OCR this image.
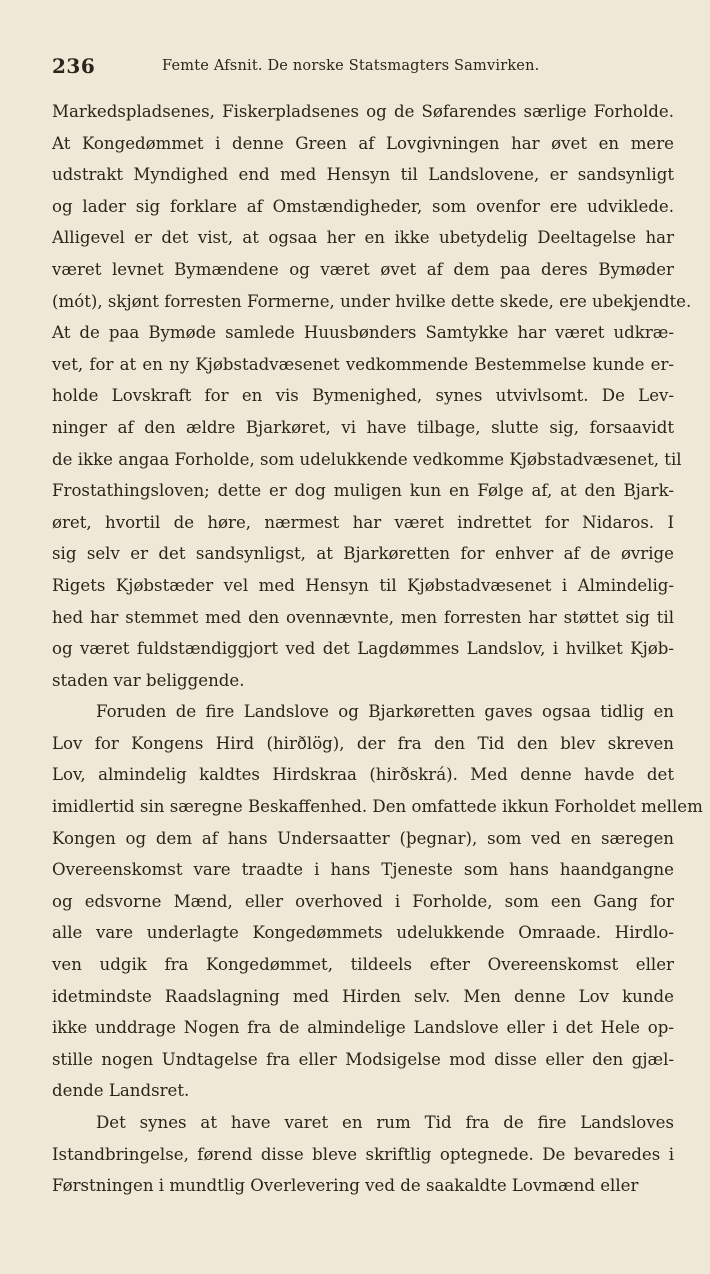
236	Femte Afsnit. De norske Statsmagters Samvirken.
Markedspladsenes, Fiskerpladsenes og de Søfarendes særlige Forholde.
At Kongedømmet i denne Green af Lovgivningen har øvet en mere
udstrakt Myndighed end med Hensyn til Landslovene, er sandsynligt
og lader sig forklare af Omstændigheder, som ovenfor ere udviklede.
Alligevel er det vist, at ogsaa her en ikke ubetydelig Deeltagelse har
været levnet Bymændene og været øvet af dem paa deres Bymøder
(mót), skjønt forresten Formerne, under hvilke dette skede, ere ubekjendte.
At de paa Bymøde samlede Huusbønders Samtykke har været udkræ-
vet, for at en ny Kjøbstadvæsenet vedkommende Bestemmelse kunde er-
holde Lovskraft for en vis Bymenighed, synes utvivlsomt. De Lev-
ninger af den ældre Bjarkøret, vi have tilbage, slutte sig, forsaavidt
de ikke angaa Forholde, som udelukkende vedkomme Kjøbstadvæsenet, til
Frostathingsloven; dette er dog muligen kun en Følge af, at den Bjark-
øret, hvortil de høre, nærmest har været indrettet for Nidaros. I
sig selv er det sandsynligst, at Bjarkøretten for enhver af de øvrige
Rigets Kjøbstæder vel med Hensyn til Kjøbstadvæsenet i Almindelig-
hed har stemmet med den ovennævnte, men forresten har støttet sig til
og været fuldstændiggjort ved det Lagdømmes Landslov, i hvilket Kjøb-
staden var beliggende.
Foruden de fire Landslove og Bjarkøretten gaves ogsaa tidlig en
Lov for Kongens Hird (hirðlög), der fra den Tid den blev skreven
Lov, almindelig kaldtes Hirdskraa (hirðskrá). Med denne havde det
imidlertid sin særegne Beskaffenhed. Den omfattede ikkun Forholdet mellem
Kongen og dem af hans Undersaatter (þegnar), som ved en særegen
Overeenskomst vare traadte i hans Tjeneste som hans haandgangne
og edsvorne Mænd, eller overhoved i Forholde, som een Gang for
alle vare underlagte Kongedømmets udelukkende Omraade. Hirdlo-
ven udgik fra Kongedømmet, tildeels efter Overeenskomst eller
idetmindste Raadslagning med Hirden selv. Men denne Lov kunde
ikke unddrage Nogen fra de almindelige Landslove eller i det Hele op-
stille nogen Undtagelse fra eller Modsigelse mod disse eller den gjæl-
dende Landsret.
Det synes at have varet en rum Tid fra de fire Landsloves
Istandbringelse, førend disse bleve skriftlig optegnede. De bevaredes i
Førstningen i mundtlig Overlevering ved de saakaldte Lovmænd eller
